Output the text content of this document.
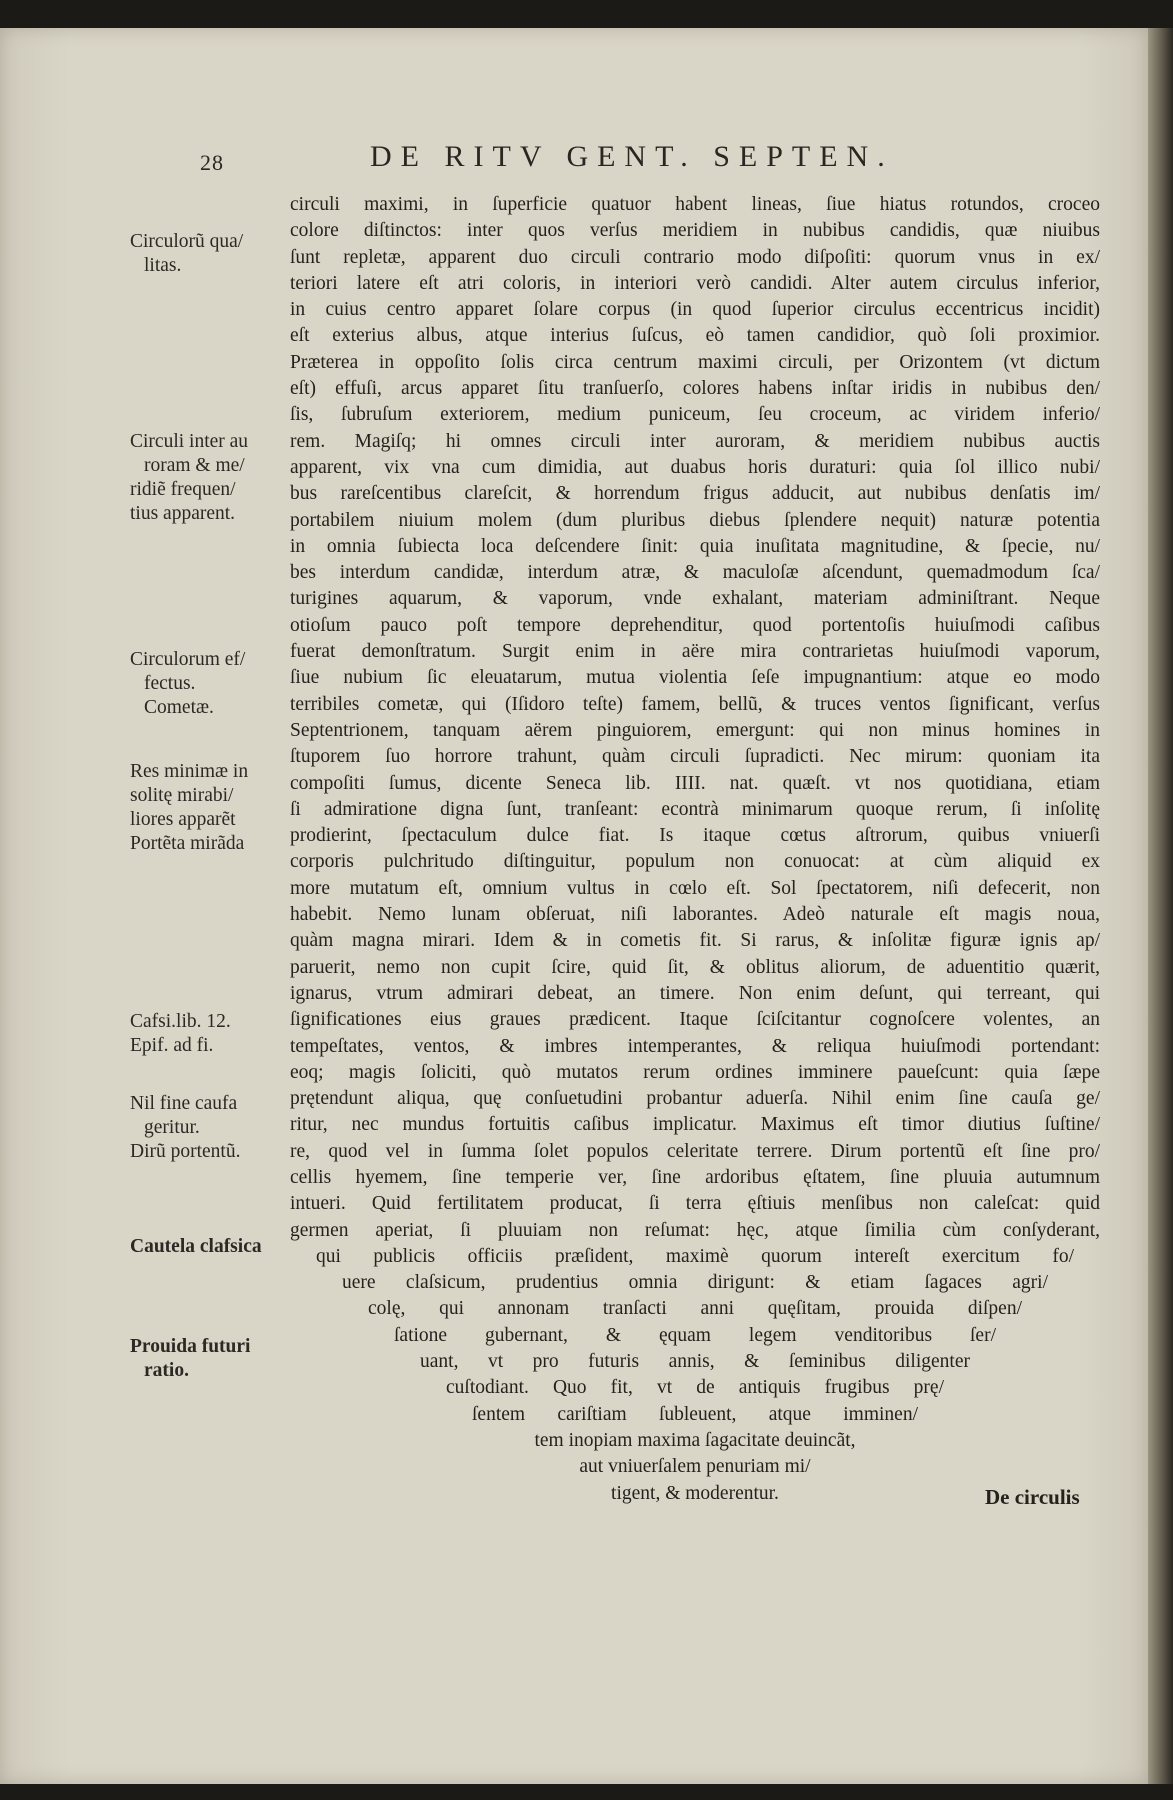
28	DE RITV GENT. SEPTEN.
Circulorũ qua/
litas.
Circuli inter au
roram & me/
ridiẽ frequen/
tius apparent.
Circulorum ef/
fectus.
Cometæ.
Res minimæ in
solitę mirabi/
liores apparẽt
Portẽta mirãda
Cafsi.lib. 12.
Epif. ad fi.
Nil fine caufa
geritur.
Dirũ portentũ.
Cautela clafsica
Prouida futuri
ratio.
circuli maximi, in ſuperficie quatuor habent lineas, ſiue hiatus rotundos, croceo
colore diſtinctos: inter quos verſus meridiem in nubibus candidis, quæ niuibus
ſunt repletæ, apparent duo circuli contrario modo diſpoſiti: quorum vnus in ex/
teriori latere eſt atri coloris, in interiori verò candidi. Alter autem circulus inferior,
in cuius centro apparet ſolare corpus (in quod ſuperior circulus eccentricus incidit)
eſt exterius albus, atque interius ſuſcus, eò tamen candidior, quò ſoli proximior.
Præterea in oppoſito ſolis circa centrum maximi circuli, per Orizontem (vt dictum
eſt) effuſi, arcus apparet ſitu tranſuerſo, colores habens inſtar iridis in nubibus den/
ſis, ſubruſum exteriorem, medium puniceum, ſeu croceum, ac viridem inferio/
rem. Magiſq; hi omnes circuli inter auroram, & meridiem nubibus auctis
apparent, vix vna cum dimidia, aut duabus horis duraturi: quia ſol illico nubi/
bus rareſcentibus clareſcit, & horrendum frigus adducit, aut nubibus denſatis im/
portabilem niuium molem (dum pluribus diebus ſplendere nequit) naturæ potentia
in omnia ſubiecta loca deſcendere ſinit: quia inuſitata magnitudine, & ſpecie, nu/
bes interdum candidæ, interdum atræ, & maculoſæ aſcendunt, quemadmodum ſca/
turigines aquarum, & vaporum, vnde exhalant, materiam adminiſtrant. Neque
otioſum pauco poſt tempore deprehenditur, quod portentoſis huiuſmodi caſibus
fuerat demonſtratum. Surgit enim in aëre mira contrarietas huiuſmodi vaporum,
ſiue nubium ſic eleuatarum, mutua violentia ſeſe impugnantium: atque eo modo
terribiles cometæ, qui (Iſidoro teſte) famem, bellũ, & truces ventos ſignificant, verſus
Septentrionem, tanquam aërem pinguiorem, emergunt: qui non minus homines in
ſtuporem ſuo horrore trahunt, quàm circuli ſupradicti. Nec mirum: quoniam ita
compoſiti ſumus, dicente Seneca lib. IIII. nat. quæſt. vt nos quotidiana, etiam
ſi admiratione digna ſunt, tranſeant: econtrà minimarum quoque rerum, ſi inſolitę
prodierint, ſpectaculum dulce fiat. Is itaque cœtus aſtrorum, quibus vniuerſi
corporis pulchritudo diſtinguitur, populum non conuocat: at cùm aliquid ex
more mutatum eſt, omnium vultus in cœlo eſt. Sol ſpectatorem, niſi defecerit, non
habebit. Nemo lunam obſeruat, niſi laborantes. Adeò naturale eſt magis noua,
quàm magna mirari. Idem & in cometis fit. Si rarus, & inſolitæ figuræ ignis ap/
paruerit, nemo non cupit ſcire, quid ſit, & oblitus aliorum, de aduentitio quærit,
ignarus, vtrum admirari debeat, an timere. Non enim deſunt, qui terreant, qui
ſignificationes eius graues prædicent. Itaque ſciſcitantur cognoſcere volentes, an
tempeſtates, ventos, & imbres intemperantes, & reliqua huiuſmodi portendant:
eoq; magis ſoliciti, quò mutatos rerum ordines imminere paueſcunt: quia ſæpe
prętendunt aliqua, quę conſuetudini probantur aduerſa. Nihil enim ſine cauſa ge/
ritur, nec mundus fortuitis caſibus implicatur. Maximus eſt timor diutius ſuſtine/
re, quod vel in ſumma ſolet populos celeritate terrere. Dirum portentũ eſt ſine pro/
cellis hyemem, ſine temperie ver, ſine ardoribus ęſtatem, ſine pluuia autumnum
intueri. Quid fertilitatem producat, ſi terra ęſtiuis menſibus non caleſcat: quid
germen aperiat, ſi pluuiam non reſumat: hęc, atque ſimilia cùm conſyderant,
qui publicis officiis præſident, maximè quorum intereſt exercitum fo/
uere claſsicum, prudentius omnia dirigunt: & etiam ſagaces agri/
colę, qui annonam tranſacti anni quęſitam, prouida diſpen/
ſatione gubernant, & ęquam legem venditoribus ſer/
uant, vt pro futuris annis, & ſeminibus diligenter
cuſtodiant. Quo fit, vt de antiquis frugibus prę/
ſentem cariſtiam ſubleuent, atque imminen/
tem inopiam maxima ſagacitate deuincãt,
aut vniuerſalem penuriam mi/
tigent, & moderentur.	De circulis
